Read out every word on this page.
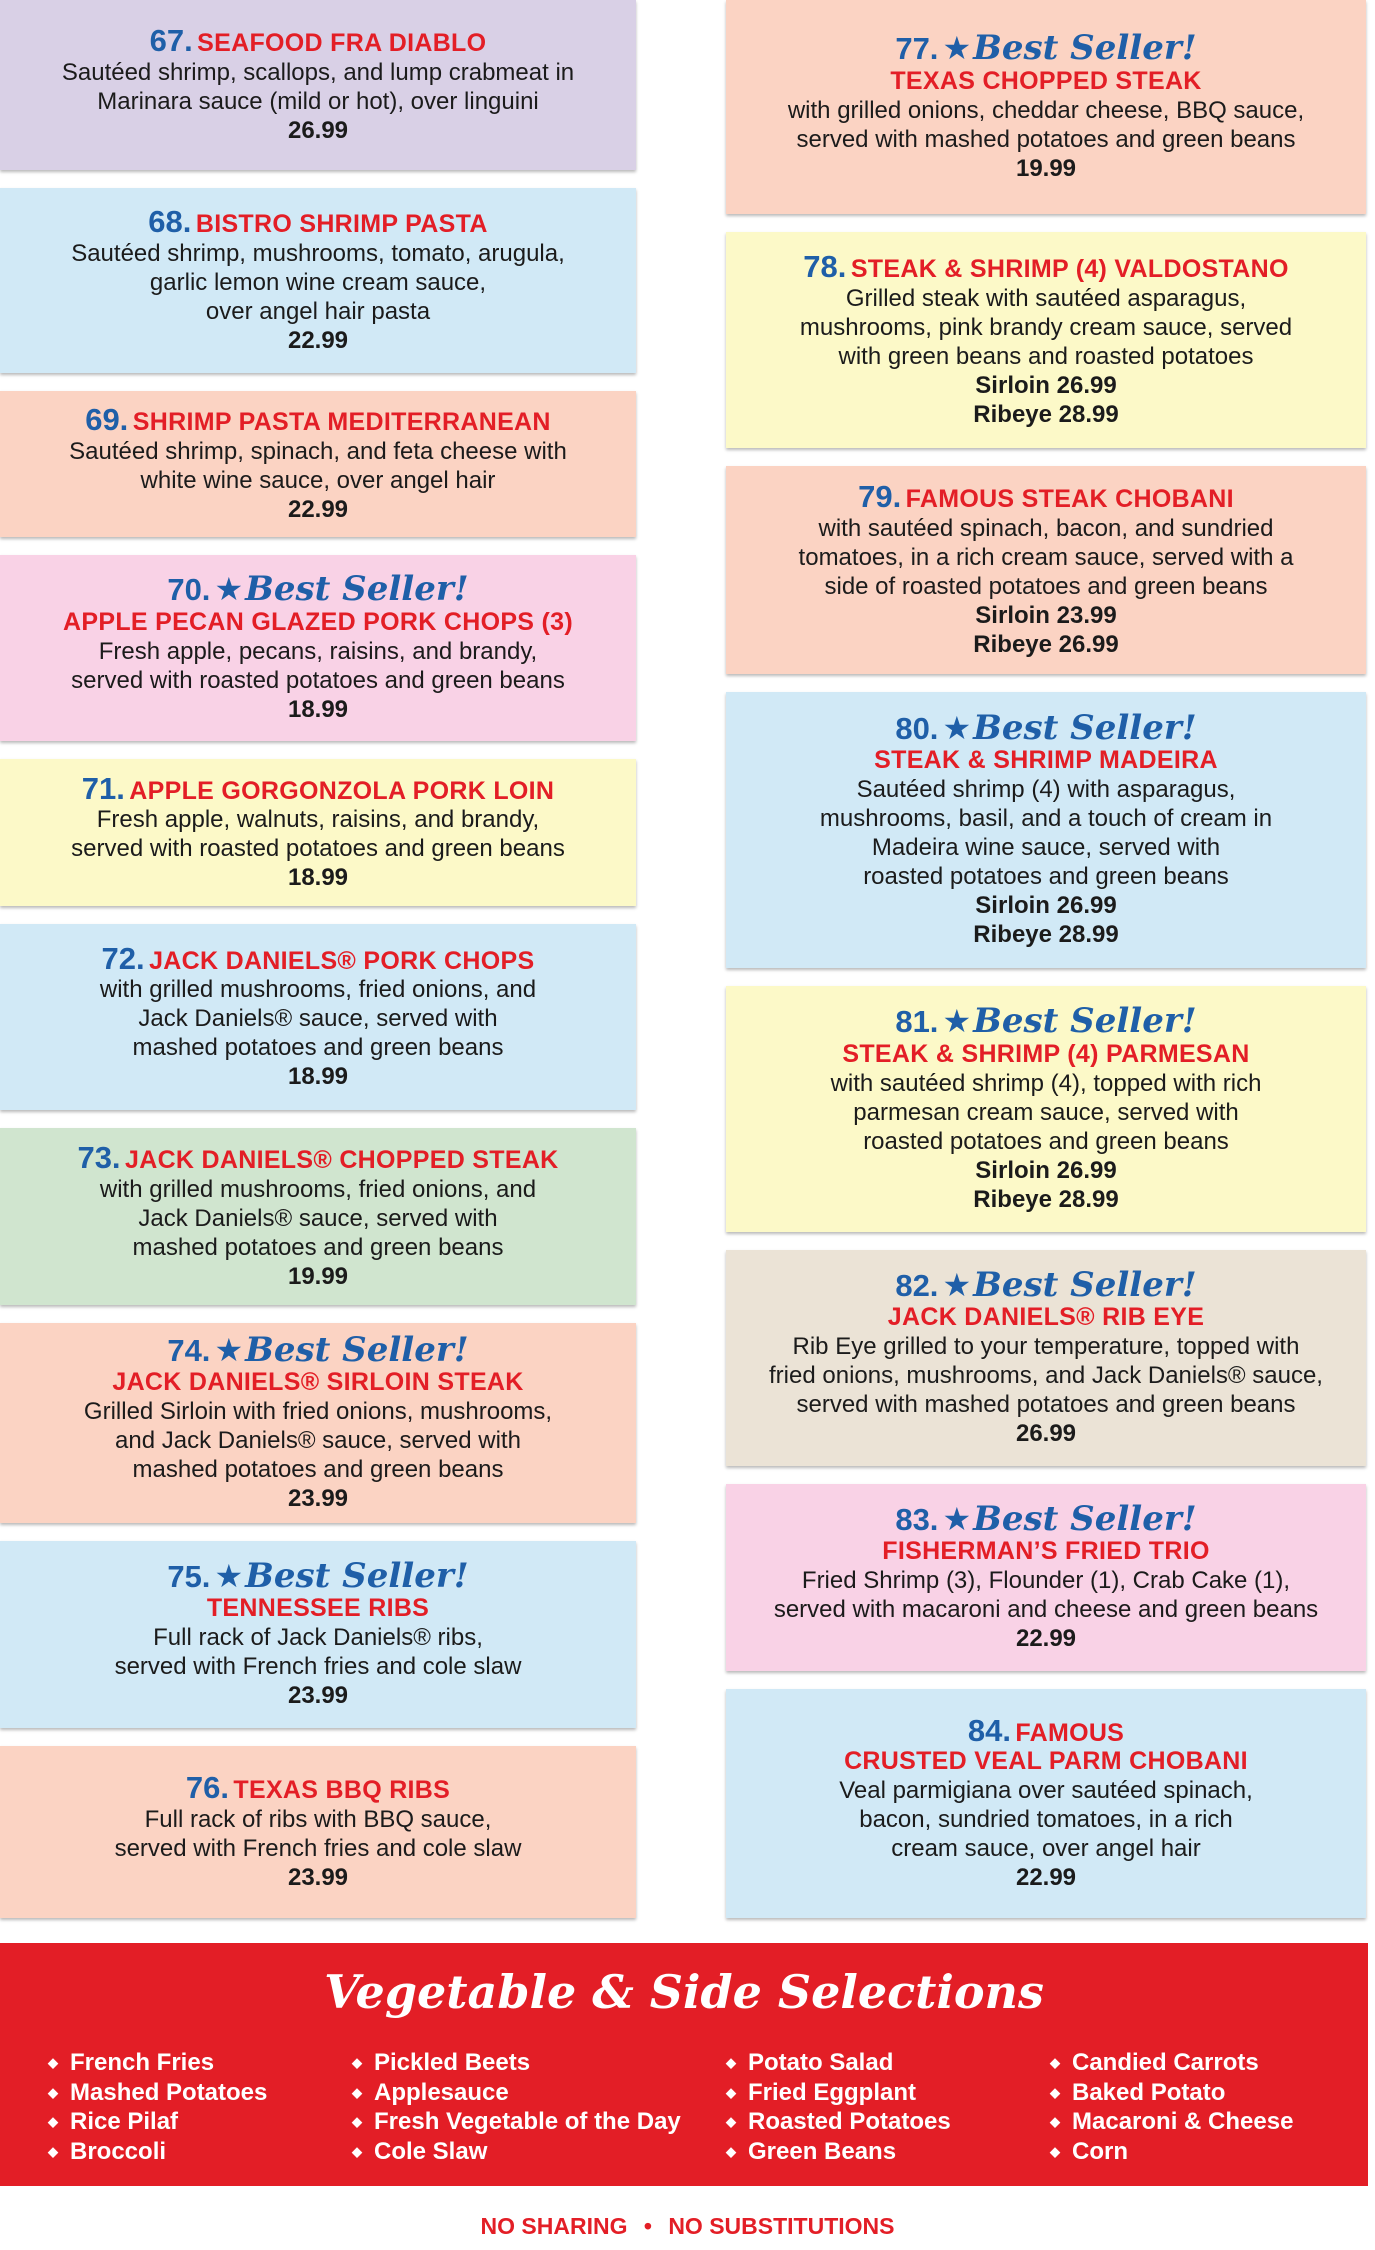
67. SEAFOOD FRA DIABLO
Sautéed shrimp, scallops, and lump crabmeat in
Marinara sauce (mild or hot), over linguini
26.99
68. BISTRO SHRIMP PASTA
Sautéed shrimp, mushrooms, tomato, arugula,
garlic lemon wine cream sauce,
over angel hair pasta
22.99
69. SHRIMP PASTA MEDITERRANEAN
Sautéed shrimp, spinach, and feta cheese with
white wine sauce, over angel hair
22.99
70. ★Best Seller!
APPLE PECAN GLAZED PORK CHOPS (3)
Fresh apple, pecans, raisins, and brandy,
served with roasted potatoes and green beans
18.99
71. APPLE GORGONZOLA PORK LOIN
Fresh apple, walnuts, raisins, and brandy,
served with roasted potatoes and green beans
18.99
72. JACK DANIELS® PORK CHOPS
with grilled mushrooms, fried onions, and
Jack Daniels® sauce, served with
mashed potatoes and green beans
18.99
73. JACK DANIELS® CHOPPED STEAK
with grilled mushrooms, fried onions, and
Jack Daniels® sauce, served with
mashed potatoes and green beans
19.99
74. ★Best Seller!
JACK DANIELS® SIRLOIN STEAK
Grilled Sirloin with fried onions, mushrooms,
and Jack Daniels® sauce, served with
mashed potatoes and green beans
23.99
75. ★Best Seller!
TENNESSEE RIBS
Full rack of Jack Daniels® ribs,
served with French fries and cole slaw
23.99
76. TEXAS BBQ RIBS
Full rack of ribs with BBQ sauce,
served with French fries and cole slaw
23.99
77. ★Best Seller!
TEXAS CHOPPED STEAK
with grilled onions, cheddar cheese, BBQ sauce,
served with mashed potatoes and green beans
19.99
78. STEAK & SHRIMP (4) VALDOSTANO
Grilled steak with sautéed asparagus,
mushrooms, pink brandy cream sauce, served
with green beans and roasted potatoes
Sirloin 26.99
Ribeye 28.99
79. FAMOUS STEAK CHOBANI
with sautéed spinach, bacon, and sundried
tomatoes, in a rich cream sauce, served with a
side of roasted potatoes and green beans
Sirloin 23.99
Ribeye 26.99
80. ★Best Seller!
STEAK & SHRIMP MADEIRA
Sautéed shrimp (4) with asparagus,
mushrooms, basil, and a touch of cream in
Madeira wine sauce, served with
roasted potatoes and green beans
Sirloin 26.99
Ribeye 28.99
81. ★Best Seller!
STEAK & SHRIMP (4) PARMESAN
with sautéed shrimp (4), topped with rich
parmesan cream sauce, served with
roasted potatoes and green beans
Sirloin 26.99
Ribeye 28.99
82. ★Best Seller!
JACK DANIELS® RIB EYE
Rib Eye grilled to your temperature, topped with
fried onions, mushrooms, and Jack Daniels® sauce,
served with mashed potatoes and green beans
26.99
83. ★Best Seller!
FISHERMAN’S FRIED TRIO
Fried Shrimp (3), Flounder (1), Crab Cake (1),
served with macaroni and cheese and green beans
22.99
84. FAMOUS
CRUSTED VEAL PARM CHOBANI
Veal parmigiana over sautéed spinach,
bacon, sundried tomatoes, in a rich
cream sauce, over angel hair
22.99
Vegetable & Side Selections
◆ French Fries
◆ Mashed Potatoes
◆ Rice Pilaf
◆ Broccoli
◆ Pickled Beets
◆ Applesauce
◆ Fresh Vegetable of the Day
◆ Cole Slaw
◆ Potato Salad
◆ Fried Eggplant
◆ Roasted Potatoes
◆ Green Beans
◆ Candied Carrots
◆ Baked Potato
◆ Macaroni & Cheese
◆ Corn
NO SHARING • NO SUBSTITUTIONS
